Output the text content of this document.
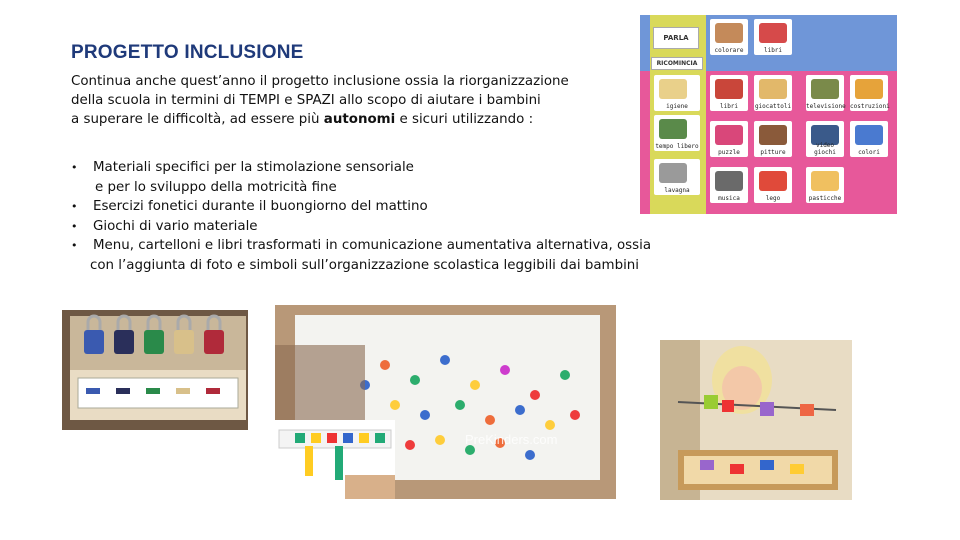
PROGETTO INCLUSIONE

Continua anche quest’anno il progetto inclusione ossia la riorganizzazione

della scuola in termini di TEMPI e SPAZI allo scopo di aiutare i bambini

a superare le difficoltà, ad essere più autonomi e sicuri utilizzando :

• Materiali specifici per la stimolazione sensoriale
e per lo sviluppo della motricità fine
• Esercizi fonetici durante il buongiorno del mattino
• Giochi di vario materiale
• Menu, cartelloni e libri trasformati in comunicazione aumentativa alternativa, ossia
con l’aggiunta di foto e simboli sull’organizzazione scolastica leggibili dai bambini
PARLA
RICOMINCIA
colorare	libri
igiene	libri	giocattoli televisione costruzioni
tempo libero
puzzle	pitture
video giochi	colori
lavagna
musica	lego	pasticche
PreKinders.com
